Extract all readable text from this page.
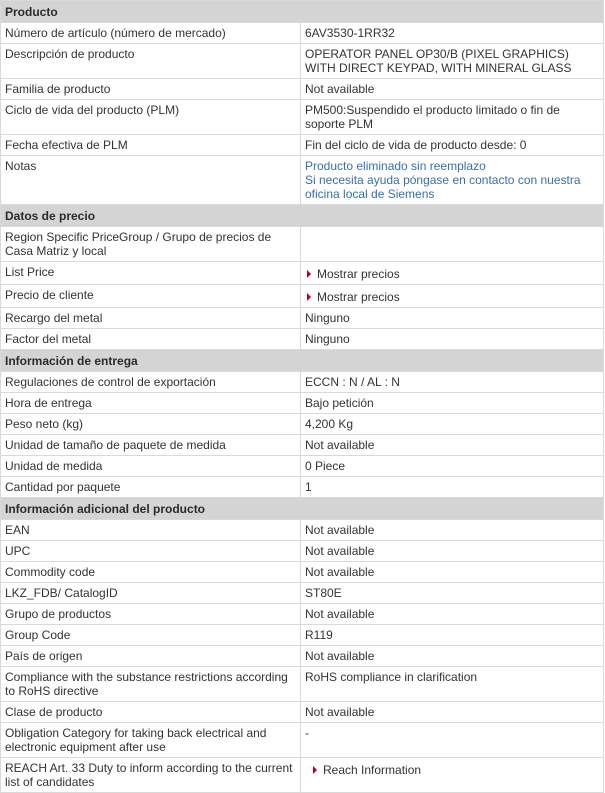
Producto	
Número de artículo (número de mercado)	6AV3530-1RR32
Descripción de producto	OPERATOR PANEL OP30/B (PIXEL GRAPHICS) WITH DIRECT KEYPAD, WITH MINERAL GLASS
Familia de producto	Not available
Ciclo de vida del producto (PLM)	PM500:Suspendido el producto limitado o fin de soporte PLM
Fecha efectiva de PLM	Fin del ciclo de vida de producto desde: 0
Notas	Producto eliminado sin reemplazo
Si necesita ayuda póngase en contacto con nuestra oficina local de Siemens

Datos de precio	
Region Specific PriceGroup / Grupo de precios de Casa Matriz y local	
List Price	Mostrar precios
Precio de cliente	Mostrar precios
Recargo del metal	Ninguno
Factor del metal	Ninguno
Información de entrega	
Regulaciones de control de exportación	ECCN : N / AL : N
Hora de entrega	Bajo petición
Peso neto (kg)	4,200 Kg
Unidad de tamaño de paquete de medida	Not available
Unidad de medida	0 Piece
Cantidad por paquete	1
Información adicional del producto	
EAN	Not available
UPC	Not available
Commodity code	Not available
LKZ_FDB/ CatalogID	ST80E
Grupo de productos	Not available
Group Code	R119
País de origen	Not available
Compliance with the substance restrictions according to RoHS directive	RoHS compliance in clarification
Clase de producto	Not available
Obligation Category for taking back electrical and electronic equipment after use	-
REACH Art. 33 Duty to inform according to the current list of candidates	Reach Information
